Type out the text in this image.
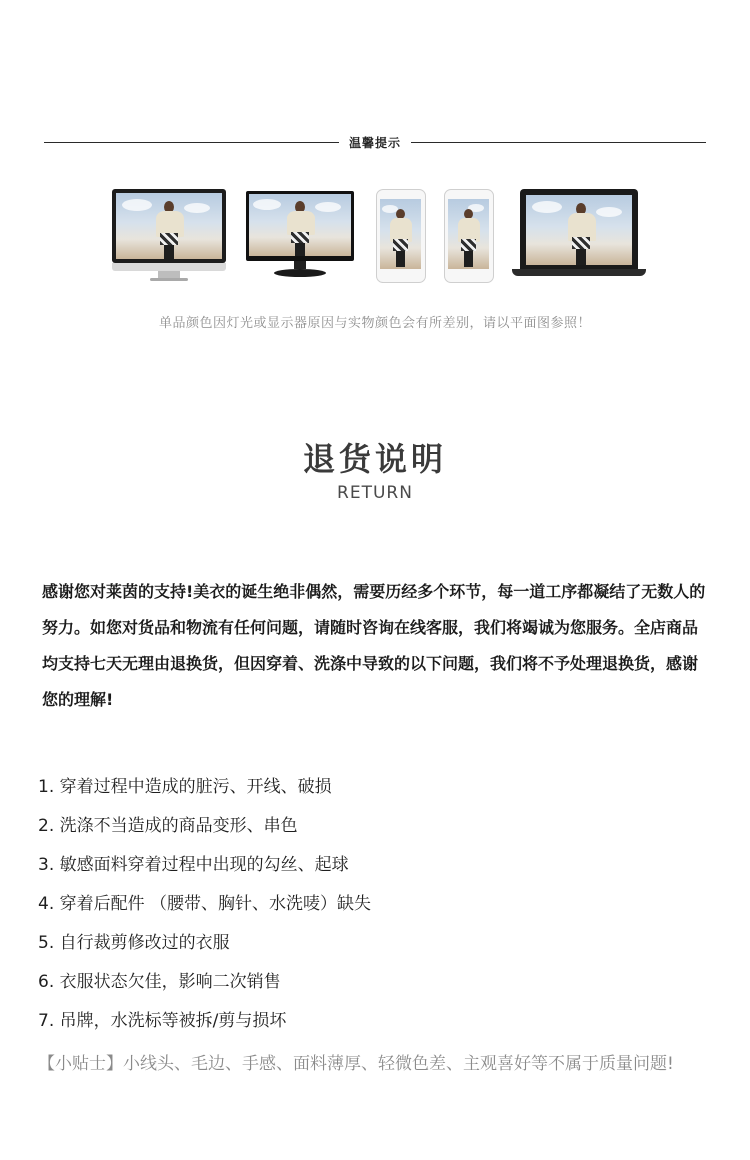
温馨提示
单品颜色因灯光或显示器原因与实物颜色会有所差别，请以平面图参照！
退货说明
RETURN
感谢您对莱茵的支持!美衣的诞生绝非偶然，需要历经多个环节，每一道工序都凝结了无数人的努力。如您对货品和物流有任何问题，请随时咨询在线客服，我们将竭诚为您服务。全店商品均支持七天无理由退换货，但因穿着、洗涤中导致的以下问题，我们将不予处理退换货，感谢您的理解!
1. 穿着过程中造成的脏污、开线、破损
2. 洗涤不当造成的商品变形、串色
3. 敏感面料穿着过程中出现的勾丝、起球
4. 穿着后配件 （腰带、胸针、水洗唛）缺失
5. 自行裁剪修改过的衣服
6. 衣服状态欠佳，影响二次销售
7. 吊牌，水洗标等被拆/剪与损坏
【小贴士】小线头、毛边、手感、面料薄厚、轻微色差、主观喜好等不属于质量问题!
